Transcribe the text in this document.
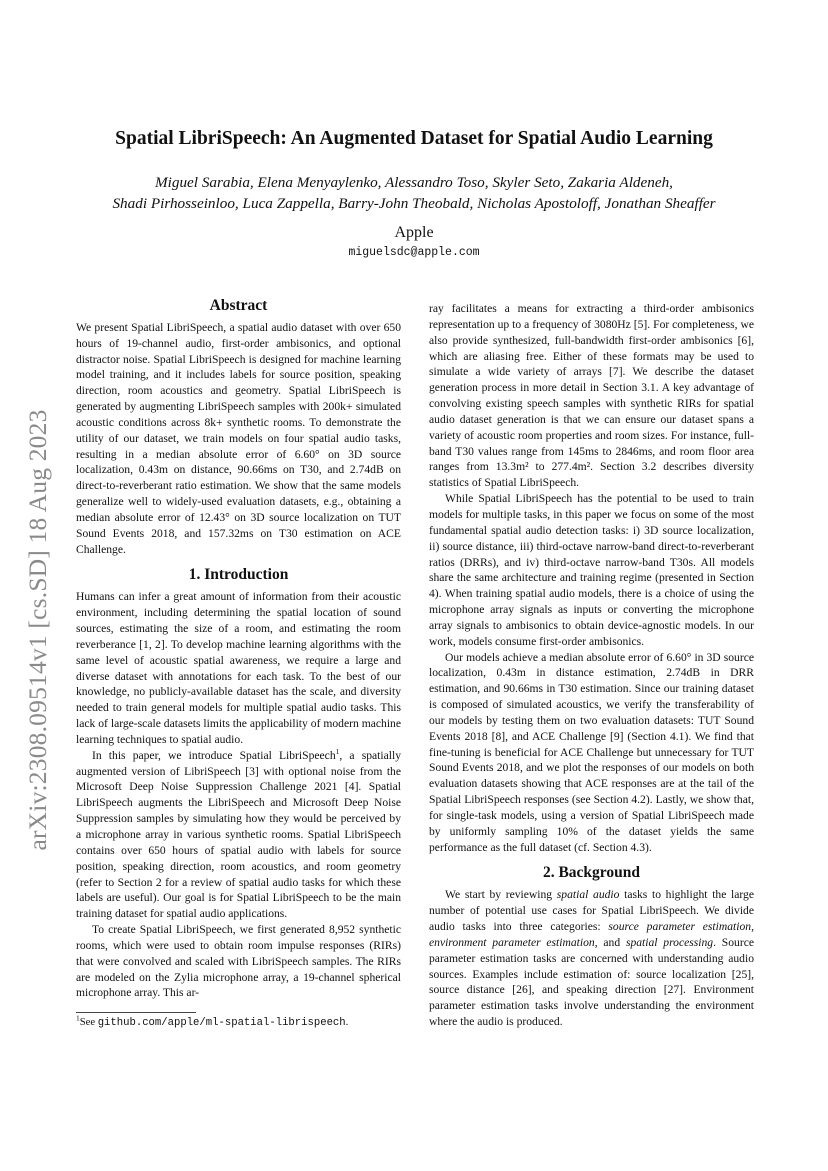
arXiv:2308.09514v1 [cs.SD] 18 Aug 2023
Spatial LibriSpeech: An Augmented Dataset for Spatial Audio Learning
Miguel Sarabia, Elena Menyaylenko, Alessandro Toso, Skyler Seto, Zakaria Aldeneh,
Shadi Pirhosseinloo, Luca Zappella, Barry-John Theobald, Nicholas Apostoloff, Jonathan Sheaffer
Apple
miguelsdc@apple.com
Abstract

We present Spatial LibriSpeech, a spatial audio dataset with over 650 hours of 19-channel audio, first-order ambisonics, and optional distractor noise. Spatial LibriSpeech is designed for machine learning model training, and it includes labels for source position, speaking direction, room acoustics and geometry. Spatial LibriSpeech is generated by augmenting LibriSpeech samples with 200k+ simulated acoustic conditions across 8k+ synthetic rooms. To demonstrate the utility of our dataset, we train models on four spatial audio tasks, resulting in a median absolute error of 6.60° on 3D source localization, 0.43m on distance, 90.66ms on T30, and 2.74dB on direct-to-reverberant ratio estimation. We show that the same models generalize well to widely-used evaluation datasets, e.g., obtaining a median absolute error of 12.43° on 3D source localization on TUT Sound Events 2018, and 157.32ms on T30 estimation on ACE Challenge.

1. Introduction

Humans can infer a great amount of information from their acoustic environment, including determining the spatial location of sound sources, estimating the size of a room, and estimating the room reverberance [1, 2]. To develop machine learning algorithms with the same level of acoustic spatial awareness, we require a large and diverse dataset with annotations for each task. To the best of our knowledge, no publicly-available dataset has the scale, and diversity needed to train general models for multiple spatial audio tasks. This lack of large-scale datasets limits the applicability of modern machine learning techniques to spatial audio.

In this paper, we introduce Spatial LibriSpeech$^1$, a spatially augmented version of LibriSpeech [3] with optional noise from the Microsoft Deep Noise Suppression Challenge 2021 [4]. Spatial LibriSpeech augments the LibriSpeech and Microsoft Deep Noise Suppression samples by simulating how they would be perceived by a microphone array in various synthetic rooms. Spatial LibriSpeech contains over 650 hours of spatial audio with labels for source position, speaking direction, room acoustics, and room geometry (refer to Section 2 for a review of spatial audio tasks for which these labels are useful). Our goal is for Spatial LibriSpeech to be the main training dataset for spatial audio applications.

To create Spatial LibriSpeech, we first generated 8,952 synthetic rooms, which were used to obtain room impulse responses (RIRs) that were convolved and scaled with LibriSpeech samples. The RIRs are modeled on the Zylia microphone array, a 19-channel spherical microphone array. This ar-

$^1$See github.com/apple/ml-spatial-librispeech.

ray facilitates a means for extracting a third-order ambisonics representation up to a frequency of 3080Hz [5]. For completeness, we also provide synthesized, full-bandwidth first-order ambisonics [6], which are aliasing free. Either of these formats may be used to simulate a wide variety of arrays [7]. We describe the dataset generation process in more detail in Section 3.1. A key advantage of convolving existing speech samples with synthetic RIRs for spatial audio dataset generation is that we can ensure our dataset spans a variety of acoustic room properties and room sizes. For instance, full-band T30 values range from 145ms to 2846ms, and room floor area ranges from 13.3m² to 277.4m². Section 3.2 describes diversity statistics of Spatial LibriSpeech.

While Spatial LibriSpeech has the potential to be used to train models for multiple tasks, in this paper we focus on some of the most fundamental spatial audio detection tasks: i) 3D source localization, ii) source distance, iii) third-octave narrow-band direct-to-reverberant ratios (DRRs), and iv) third-octave narrow-band T30s. All models share the same architecture and training regime (presented in Section 4). When training spatial audio models, there is a choice of using the microphone array signals as inputs or converting the microphone array signals to ambisonics to obtain device-agnostic models. In our work, models consume first-order ambisonics.

Our models achieve a median absolute error of 6.60° in 3D source localization, 0.43m in distance estimation, 2.74dB in DRR estimation, and 90.66ms in T30 estimation. Since our training dataset is composed of simulated acoustics, we verify the transferability of our models by testing them on two evaluation datasets: TUT Sound Events 2018 [8], and ACE Challenge [9] (Section 4.1). We find that fine-tuning is beneficial for ACE Challenge but unnecessary for TUT Sound Events 2018, and we plot the responses of our models on both evaluation datasets showing that ACE responses are at the tail of the Spatial LibriSpeech responses (see Section 4.2). Lastly, we show that, for single-task models, using a version of Spatial LibriSpeech made by uniformly sampling 10% of the dataset yields the same performance as the full dataset (cf. Section 4.3).

2. Background

We start by reviewing spatial audio tasks to highlight the large number of potential use cases for Spatial LibriSpeech. We divide audio tasks into three categories: source parameter estimation, environment parameter estimation, and spatial processing. Source parameter estimation tasks are concerned with understanding audio sources. Examples include estimation of: source localization [25], source distance [26], and speaking direction [27]. Environment parameter estimation tasks involve understanding the environment where the audio is produced.
